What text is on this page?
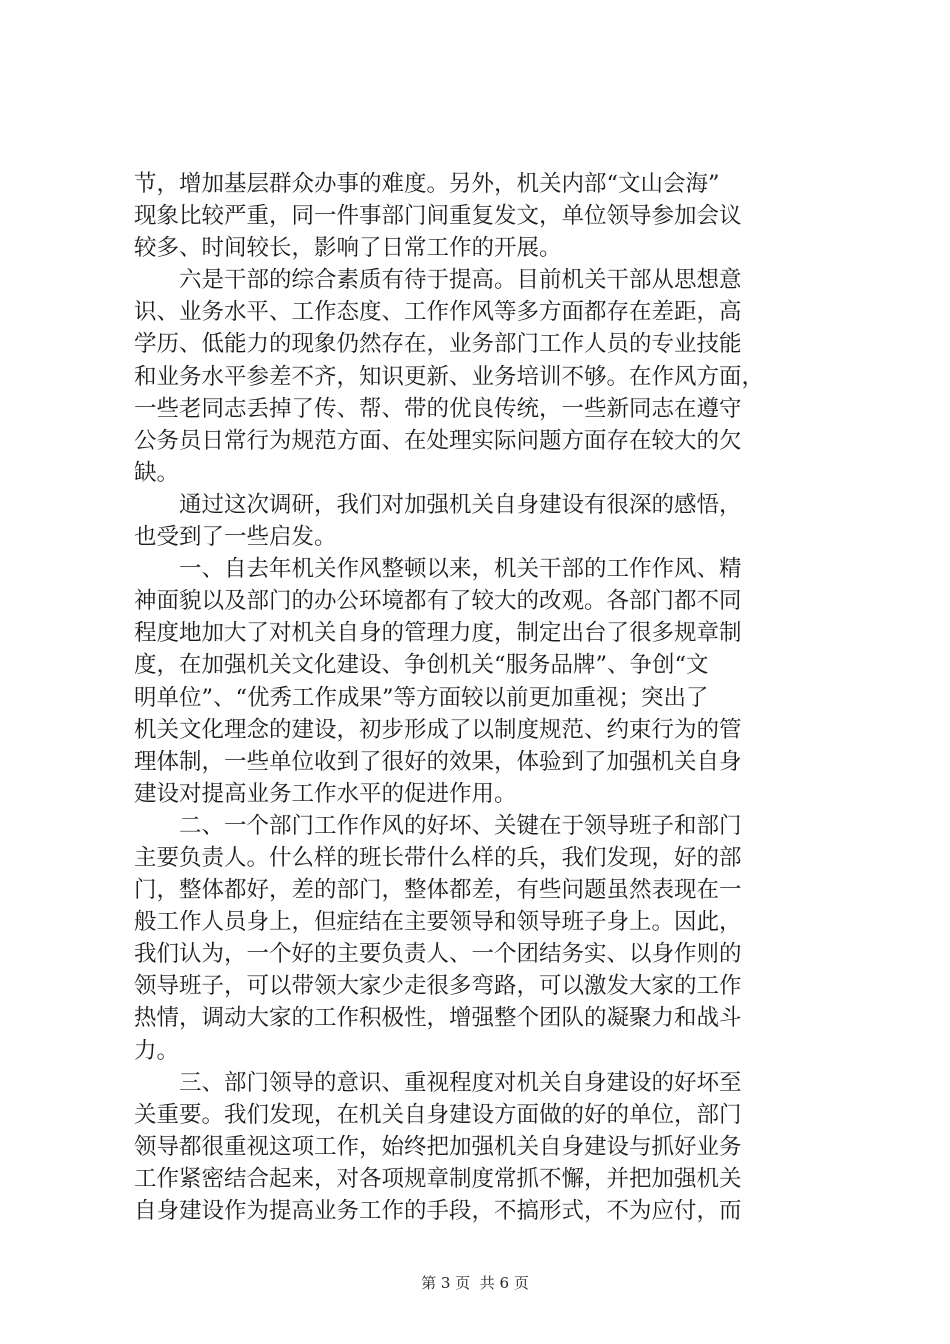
节，增加基层群众办事的难度。另外，机关内部“文山会海”
现象比较严重，同一件事部门间重复发文，单位领导参加会议
较多、时间较长，影响了日常工作的开展。
　　六是干部的综合素质有待于提高。目前机关干部从思想意
识、业务水平、工作态度、工作作风等多方面都存在差距，高
学历、低能力的现象仍然存在，业务部门工作人员的专业技能
和业务水平参差不齐，知识更新、业务培训不够。在作风方面，
一些老同志丢掉了传、帮、带的优良传统，一些新同志在遵守
公务员日常行为规范方面、在处理实际问题方面存在较大的欠
缺。
　　通过这次调研，我们对加强机关自身建设有很深的感悟，
也受到了一些启发。
　　一、自去年机关作风整顿以来，机关干部的工作作风、精
神面貌以及部门的办公环境都有了较大的改观。各部门都不同
程度地加大了对机关自身的管理力度，制定出台了很多规章制
度，在加强机关文化建设、争创机关“服务品牌”、争创“文
明单位”、“优秀工作成果”等方面较以前更加重视；突出了
机关文化理念的建设，初步形成了以制度规范、约束行为的管
理体制，一些单位收到了很好的效果，体验到了加强机关自身
建设对提高业务工作水平的促进作用。
　　二、一个部门工作作风的好坏、关键在于领导班子和部门
主要负责人。什么样的班长带什么样的兵，我们发现，好的部
门，整体都好，差的部门，整体都差，有些问题虽然表现在一
般工作人员身上，但症结在主要领导和领导班子身上。因此，
我们认为，一个好的主要负责人、一个团结务实、以身作则的
领导班子，可以带领大家少走很多弯路，可以激发大家的工作
热情，调动大家的工作积极性，增强整个团队的凝聚力和战斗
力。
　　三、部门领导的意识、重视程度对机关自身建设的好坏至
关重要。我们发现，在机关自身建设方面做的好的单位，部门
领导都很重视这项工作，始终把加强机关自身建设与抓好业务
工作紧密结合起来，对各项规章制度常抓不懈，并把加强机关
自身建设作为提高业务工作的手段，不搞形式，不为应付，而
第 3 页  共 6 页
